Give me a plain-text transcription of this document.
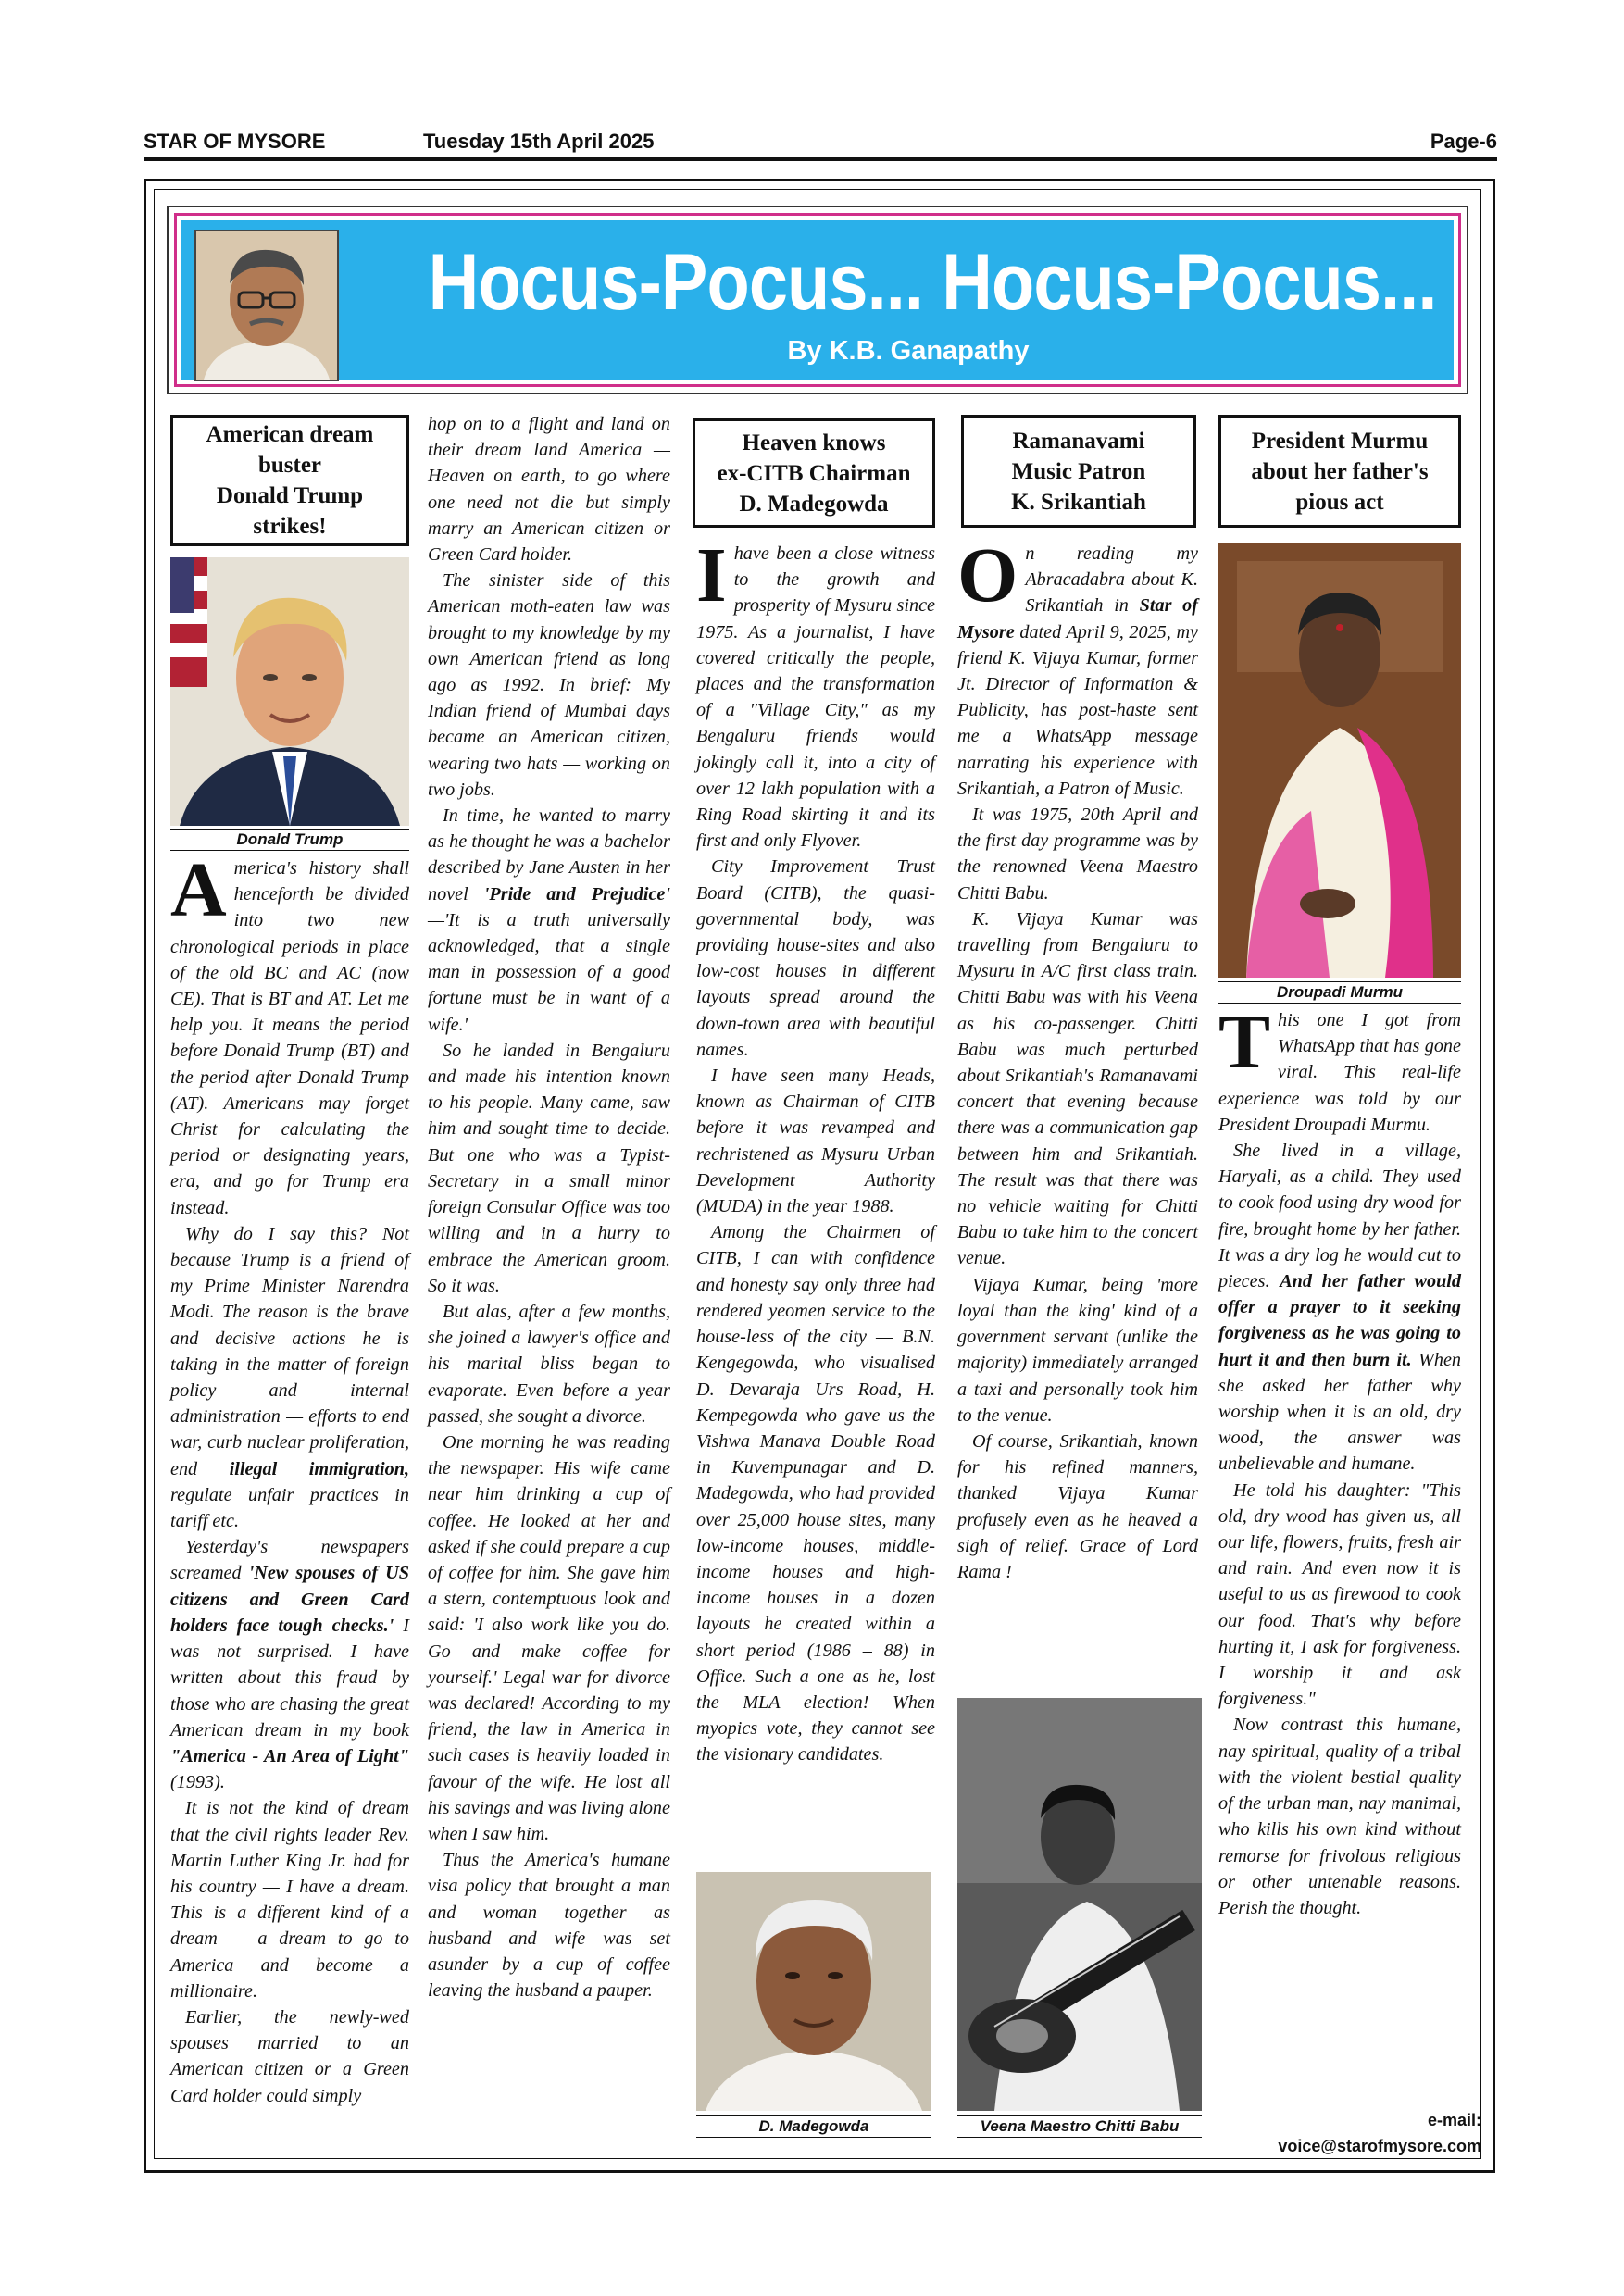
STAR OF MYSORE	Tuesday 15th April 2025	Page-6
Hocus-Pocus... Hocus-Pocus...
By K.B. Ganapathy
American dream
buster
Donald Trump
strikes!
Donald Trump

America's history shall henceforth be divided into two new chronological periods in place of the old BC and AC (now CE). That is BT and AT. Let me help you. It means the period before Donald Trump (BT) and the period after Donald Trump (AT). Americans may forget Christ for calculating the period or designating years, era, and go for Trump era instead.

Why do I say this? Not because Trump is a friend of my Prime Minister Narendra Modi. The reason is the brave and decisive actions he is taking in the matter of foreign policy and internal administration — efforts to end war, curb nuclear proliferation, end illegal immigration, regulate unfair practices in tariff etc.

Yesterday's newspapers screamed 'New spouses of US citizens and Green Card holders face tough checks.' I was not surprised. I have written about this fraud by those who are chasing the great American dream in my book "America - An Area of Light" (1993).

It is not the kind of dream that the civil rights leader Rev. Martin Luther King Jr. had for his country — I have a dream. This is a different kind of a dream — a dream to go to America and become a millionaire.

Earlier, the newly-wed spouses married to an American citizen or a Green Card holder could simply

hop on to a flight and land on their dream land America — Heaven on earth, to go where one need not die but simply marry an American citizen or Green Card holder.

The sinister side of this American moth-eaten law was brought to my knowledge by my own American friend as long ago as 1992. In brief: My Indian friend of Mumbai days became an American citizen, wearing two hats — working on two jobs.

In time, he wanted to marry as he thought he was a bachelor described by Jane Austen in her novel 'Pride and Prejudice' —'It is a truth universally acknowledged, that a single man in possession of a good fortune must be in want of a wife.'

So he landed in Bengaluru and made his intention known to his people. Many came, saw him and sought time to decide. But one who was a Typist-Secretary in a small minor foreign Consular Office was too willing and in a hurry to embrace the American groom. So it was.

But alas, after a few months, she joined a lawyer's office and his marital bliss began to evaporate. Even before a year passed, she sought a divorce.

One morning he was reading the newspaper. His wife came near him drinking a cup of coffee. He looked at her and asked if she could prepare a cup of coffee for him. She gave him a stern, contemptuous look and said: 'I also work like you do. Go and make coffee for yourself.' Legal war for divorce was declared! According to my friend, the law in America in such cases is heavily loaded in favour of the wife. He lost all his savings and was living alone when I saw him.

Thus the America's humane visa policy that brought a man and woman together as husband and wife was set asunder by a cup of coffee leaving the husband a pauper.

Heaven knows
ex-CITB Chairman
D. Madegowda

Ihave been a close witness to the growth and prosperity of Mysuru since 1975. As a journalist, I have covered critically the people, places and the transformation of a "Village City," as my Bengaluru friends would jokingly call it, into a city of over 12 lakh population with a Ring Road skirting it and its first and only Flyover.

City Improvement Trust Board (CITB), the quasi-governmental body, was providing house-sites and also low-cost houses in different layouts spread around the down-town area with beautiful names.

I have seen many Heads, known as Chairman of CITB before it was revamped and rechristened as Mysuru Urban Development Authority (MUDA) in the year 1988.

Among the Chairmen of CITB, I can with confidence and honesty say only three had rendered yeomen service to the house-less of the city — B.N. Kengegowda, who visualised D. Devaraja Urs Road, H. Kempegowda who gave us the Vishwa Manava Double Road in Kuvempunagar and D. Madegowda, who had provided over 25,000 house sites, many low-income houses, middle-income houses and high-income houses in a dozen layouts he created within a short period (1986 – 88) in Office. Such a one as he, lost the MLA election! When myopics vote, they cannot see the visionary candidates.

D. Madegowda
Ramanavami
Music Patron
K. Srikantiah

On reading my Abracadabra about K. Srikantiah in Star of Mysore dated April 9, 2025, my friend K. Vijaya Kumar, former Jt. Director of Information & Publicity, has post-haste sent me a WhatsApp message narrating his experience with Srikantiah, a Patron of Music.

It was 1975, 20th April and the first day programme was by the renowned Veena Maestro Chitti Babu.

K. Vijaya Kumar was travelling from Bengaluru to Mysuru in A/C first class train. Chitti Babu was with his Veena as his co-passenger. Chitti Babu was much perturbed about Srikantiah's Ramanavami concert that evening because there was a communication gap between him and Srikantiah. The result was that there was no vehicle waiting for Chitti Babu to take him to the concert venue.

Vijaya Kumar, being 'more loyal than the king' kind of a government servant (unlike the majority) immediately arranged a taxi and personally took him to the venue.

Of course, Srikantiah, known for his refined manners, thanked Vijaya Kumar profusely even as he heaved a sigh of relief. Grace of Lord Rama !

Veena Maestro Chitti Babu
President Murmu
about her father's
pious act
Droupadi Murmu

This one I got from WhatsApp that has gone viral. This real-life experience was told by our President Droupadi Murmu.

She lived in a village, Haryali, as a child. They used to cook food using dry wood for fire, brought home by her father. It was a dry log he would cut to pieces. And her father would offer a prayer to it seeking forgiveness as he was going to hurt it and then burn it. When she asked her father why worship when it is an old, dry wood, the answer was unbelievable and humane.

He told his daughter: "This old, dry wood has given us, all our life, flowers, fruits, fresh air and rain. And even now it is useful to us as firewood to cook our food. That's why before hurting it, I ask for forgiveness. I worship it and ask forgiveness."

Now contrast this humane, nay spiritual, quality of a tribal with the violent bestial quality of the urban man, nay manimal, who kills his own kind without remorse for frivolous religious or other untenable reasons. Perish the thought.

e-mail:
voice@starofmysore.com
